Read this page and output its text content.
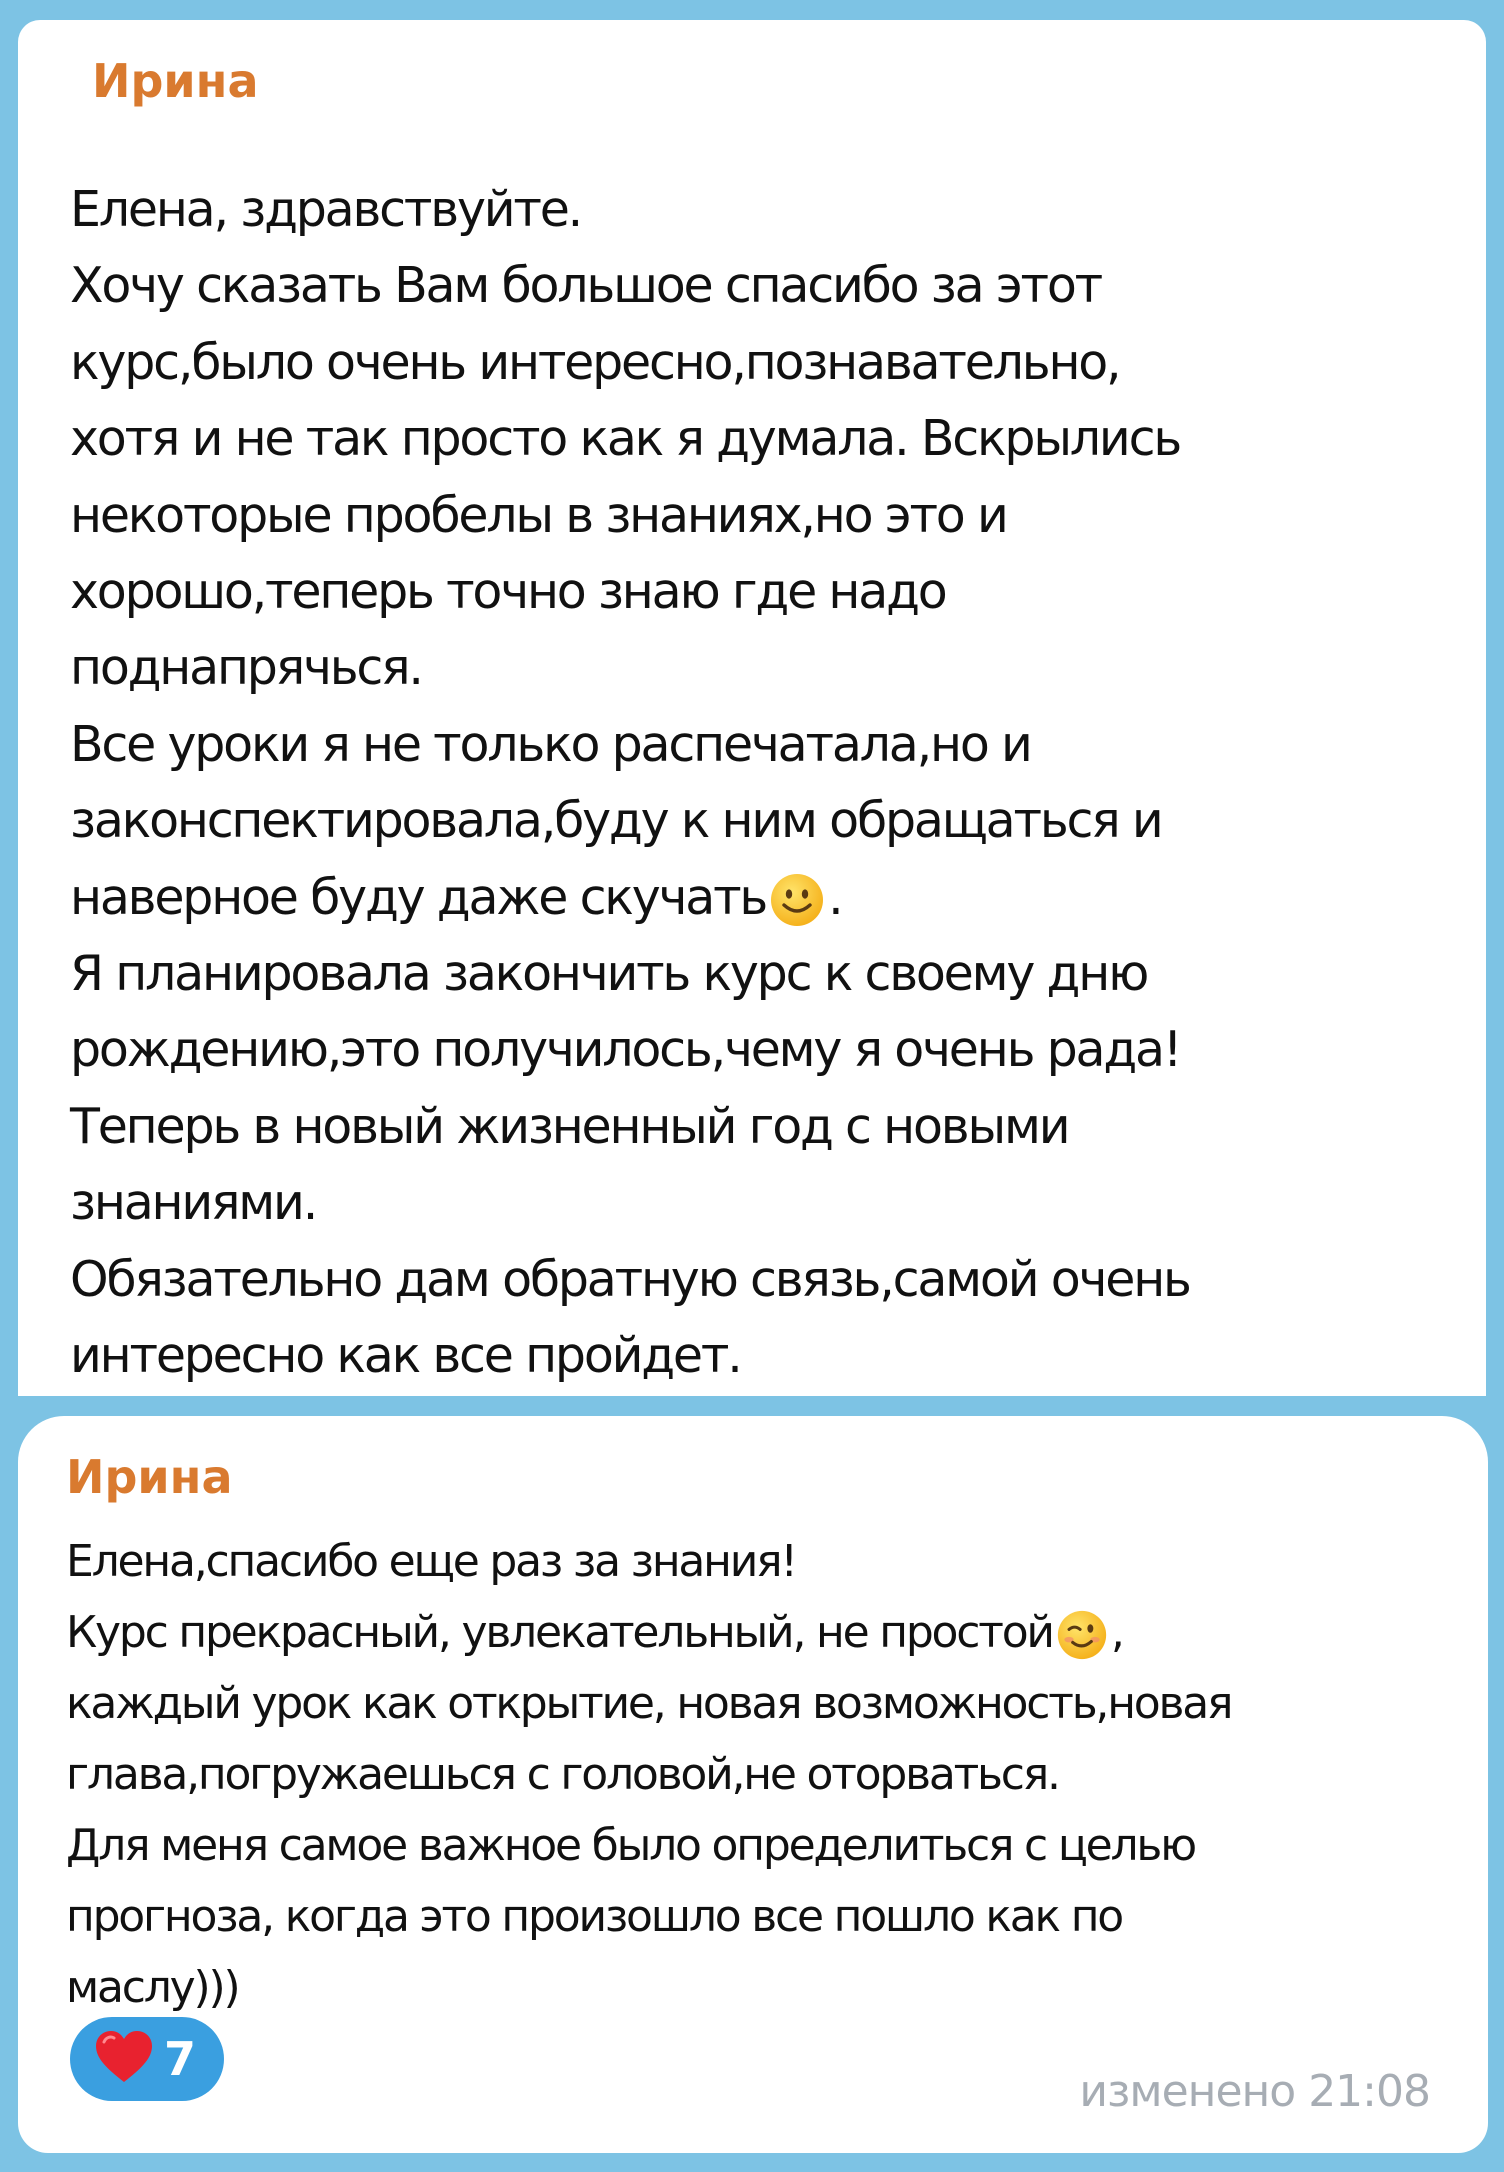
Ирина
Елена, здравствуйте.
Хочу сказать Вам большое спасибо за этот
курс,было очень интересно,познавательно,
хотя и не так просто как я думала. Вскрылись
некоторые пробелы в знаниях,но это и
хорошо,теперь точно знаю где надо
поднапрячься.
Все уроки я не только распечатала,но и
законспектировала,буду к ним обращаться и
наверное буду даже скучать .
Я планировала закончить курс к своему дню
рождению,это получилось,чему я очень рада!
Теперь в новый жизненный год с новыми
знаниями.
Обязательно дам обратную связь,самой очень
интересно как все пройдет.
Ирина
Елена,спасибо еще раз за знания!
Курс прекрасный, увлекательный, не простой ,
каждый урок как открытие, новая возможность,новая
глава,погружаешься с головой,не оторваться.
Для меня самое важное было определиться с целью
прогноза, когда это произошло все пошло как по
маслу)))
7
изменено 21:08
